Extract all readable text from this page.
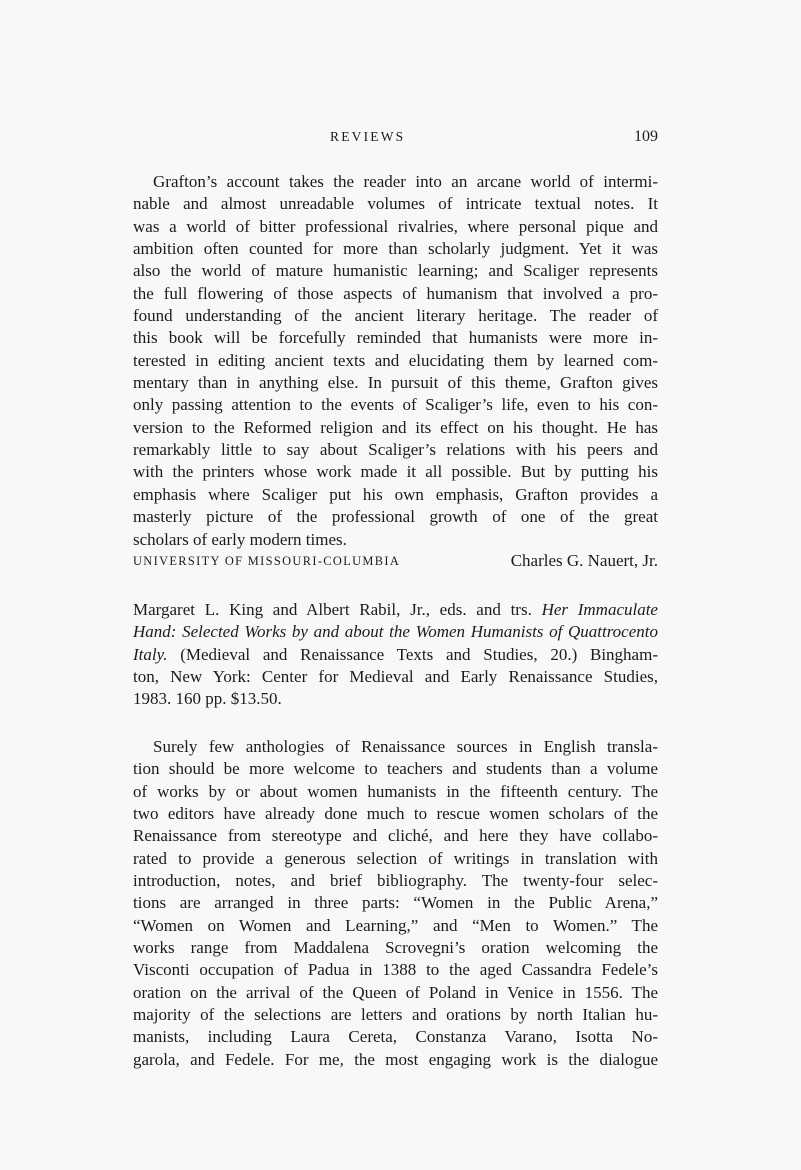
REVIEWS	109
Grafton’s account takes the reader into an arcane world of intermi-
nable and almost unreadable volumes of intricate textual notes. It
was a world of bitter professional rivalries, where personal pique and
ambition often counted for more than scholarly judgment. Yet it was
also the world of mature humanistic learning; and Scaliger represents
the full flowering of those aspects of humanism that involved a pro-
found understanding of the ancient literary heritage. The reader of
this book will be forcefully reminded that humanists were more in-
terested in editing ancient texts and elucidating them by learned com-
mentary than in anything else. In pursuit of this theme, Grafton gives
only passing attention to the events of Scaliger’s life, even to his con-
version to the Reformed religion and its effect on his thought. He has
remarkably little to say about Scaliger’s relations with his peers and
with the printers whose work made it all possible. But by putting his
emphasis where Scaliger put his own emphasis, Grafton provides a
masterly picture of the professional growth of one of the great
scholars of early modern times.
UNIVERSITY OF MISSOURI-COLUMBIA	Charles G. Nauert, Jr.
Margaret L. King and Albert Rabil, Jr., eds. and trs. Her Immaculate
Hand: Selected Works by and about the Women Humanists of Quattrocento
Italy. (Medieval and Renaissance Texts and Studies, 20.) Bingham-
ton, New York: Center for Medieval and Early Renaissance Studies,
1983. 160 pp. $13.50.
Surely few anthologies of Renaissance sources in English transla-
tion should be more welcome to teachers and students than a volume
of works by or about women humanists in the fifteenth century. The
two editors have already done much to rescue women scholars of the
Renaissance from stereotype and cliché, and here they have collabo-
rated to provide a generous selection of writings in translation with
introduction, notes, and brief bibliography. The twenty-four selec-
tions are arranged in three parts: “Women in the Public Arena,”
“Women on Women and Learning,” and “Men to Women.” The
works range from Maddalena Scrovegni’s oration welcoming the
Visconti occupation of Padua in 1388 to the aged Cassandra Fedele’s
oration on the arrival of the Queen of Poland in Venice in 1556. The
majority of the selections are letters and orations by north Italian hu-
manists, including Laura Cereta, Constanza Varano, Isotta No-
garola, and Fedele. For me, the most engaging work is the dialogue
